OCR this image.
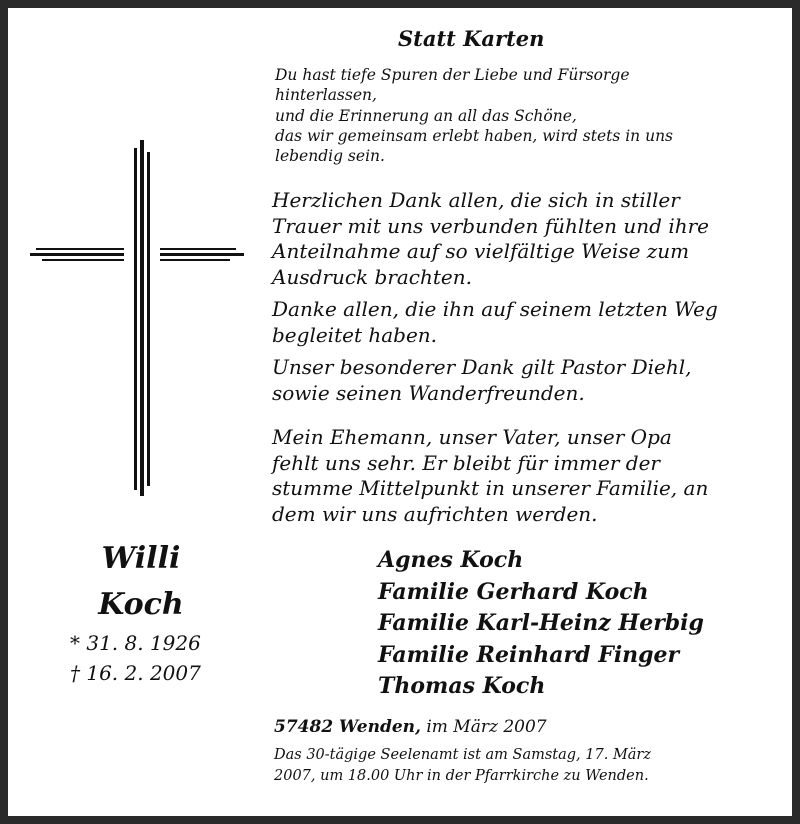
Statt Karten
Du hast tiefe Spuren der Liebe und Fürsorge
hinterlassen,
und die Erinnerung an all das Schöne,
das wir gemeinsam erlebt haben, wird stets in uns
lebendig sein.
Herzlichen Dank allen, die sich in stiller
Trauer mit uns verbunden fühlten und ihre
Anteilnahme auf so vielfältige Weise zum
Ausdruck brachten.
Danke allen, die ihn auf seinem letzten Weg
begleitet haben.
Unser besonderer Dank gilt Pastor Diehl,
sowie seinen Wanderfreunden.
Mein Ehemann, unser Vater, unser Opa
fehlt uns sehr. Er bleibt für immer der
stumme Mittelpunkt in unserer Familie, an
dem wir uns aufrichten werden.
Willi
Koch
* 31. 8. 1926
† 16. 2. 2007
Agnes Koch
Familie Gerhard Koch
Familie Karl-Heinz Herbig
Familie Reinhard Finger
Thomas Koch
57482 Wenden, im März 2007
Das 30-tägige Seelenamt ist am Samstag, 17. März
2007, um 18.00 Uhr in der Pfarrkirche zu Wenden.
